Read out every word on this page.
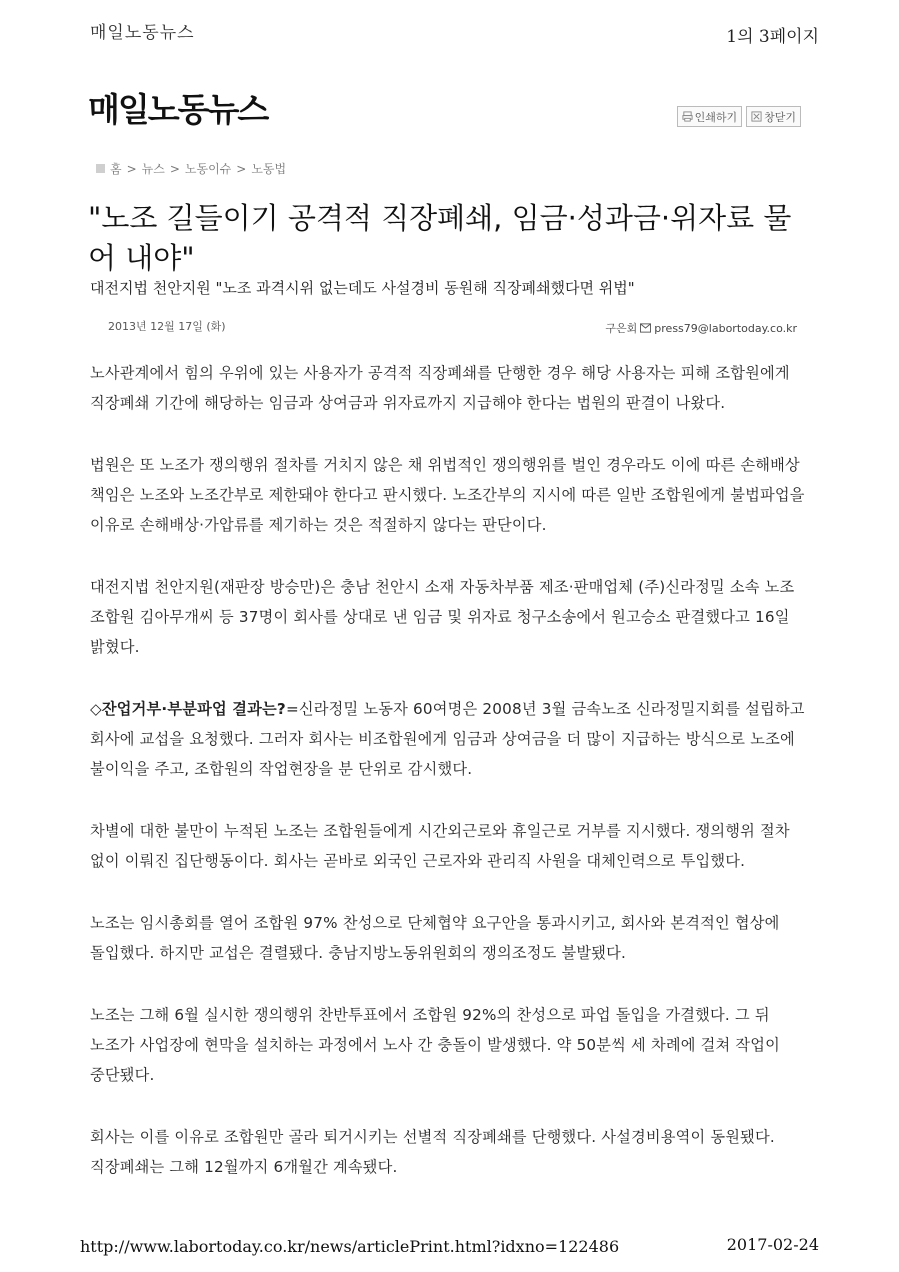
매일노동뉴스	1의 3페이지
매일노동뉴스	인쇄하기 창닫기
홈 > 뉴스 > 노동이슈 > 노동법
"노조 길들이기 공격적 직장폐쇄, 임금·성과금·위자료 물어 내야"
대전지법 천안지원 "노조 과격시위 없는데도 사설경비 동원해 직장폐쇄했다면 위법"
2013년 12월 17일 (화)	구은회 press79@labortoday.co.kr

노사관계에서 힘의 우위에 있는 사용자가 공격적 직장폐쇄를 단행한 경우 해당 사용자는 피해 조합원에게 직장폐쇄 기간에 해당하는 임금과 상여금과 위자료까지 지급해야 한다는 법원의 판결이 나왔다.

법원은 또 노조가 쟁의행위 절차를 거치지 않은 채 위법적인 쟁의행위를 벌인 경우라도 이에 따른 손해배상 책임은 노조와 노조간부로 제한돼야 한다고 판시했다. 노조간부의 지시에 따른 일반 조합원에게 불법파업을 이유로 손해배상·가압류를 제기하는 것은 적절하지 않다는 판단이다.

대전지법 천안지원(재판장 방승만)은 충남 천안시 소재 자동차부품 제조·판매업체 (주)신라정밀 소속 노조 조합원 김아무개씨 등 37명이 회사를 상대로 낸 임금 및 위자료 청구소송에서 원고승소 판결했다고 16일 밝혔다.

◇잔업거부·부분파업 결과는?=신라정밀 노동자 60여명은 2008년 3월 금속노조 신라정밀지회를 설립하고 회사에 교섭을 요청했다. 그러자 회사는 비조합원에게 임금과 상여금을 더 많이 지급하는 방식으로 노조에 불이익을 주고, 조합원의 작업현장을 분 단위로 감시했다.

차별에 대한 불만이 누적된 노조는 조합원들에게 시간외근로와 휴일근로 거부를 지시했다. 쟁의행위 절차 없이 이뤄진 집단행동이다. 회사는 곧바로 외국인 근로자와 관리직 사원을 대체인력으로 투입했다.

노조는 임시총회를 열어 조합원 97% 찬성으로 단체협약 요구안을 통과시키고, 회사와 본격적인 협상에 돌입했다. 하지만 교섭은 결렬됐다. 충남지방노동위원회의 쟁의조정도 불발됐다.

노조는 그해 6월 실시한 쟁의행위 찬반투표에서 조합원 92%의 찬성으로 파업 돌입을 가결했다. 그 뒤 노조가 사업장에 현막을 설치하는 과정에서 노사 간 충돌이 발생했다. 약 50분씩 세 차례에 걸쳐 작업이 중단됐다.

회사는 이를 이유로 조합원만 골라 퇴거시키는 선별적 직장폐쇄를 단행했다. 사설경비용역이 동원됐다. 직장폐쇄는 그해 12월까지 6개월간 계속됐다.

http://www.labortoday.co.kr/news/articlePrint.html?idxno=122486	2017-02-24
